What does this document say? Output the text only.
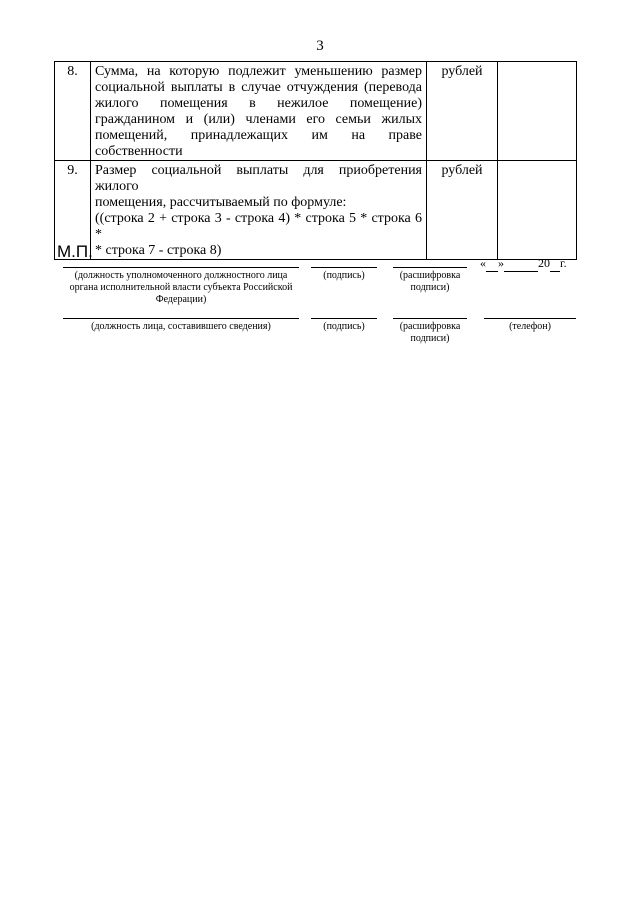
3
8.	Сумма, на которую подлежит уменьшению размер социальной выплаты в случае отчуждения (перевода жилого помещения в нежилое помещение) гражданином и (или) членами его семьи жилых помещений, принадлежащих им на праве собственности	рублей	
9.	Размер социальной выплаты для приобретения жилого
помещения, рассчитываемый по формуле:
((строка 2 + строка 3 - строка 4) * строка 5 * строка 6 *
* строка 7 - строка 8)	рублей	
М.П.
« »	20 г.
(должность уполномоченного должностного лица органа исполнительной власти субъекта Российской Федерации)
(подпись)	(расшифровка подписи)
(должность лица, составившего сведения)	(подпись)	(расшифровка подписи)
(телефон)
